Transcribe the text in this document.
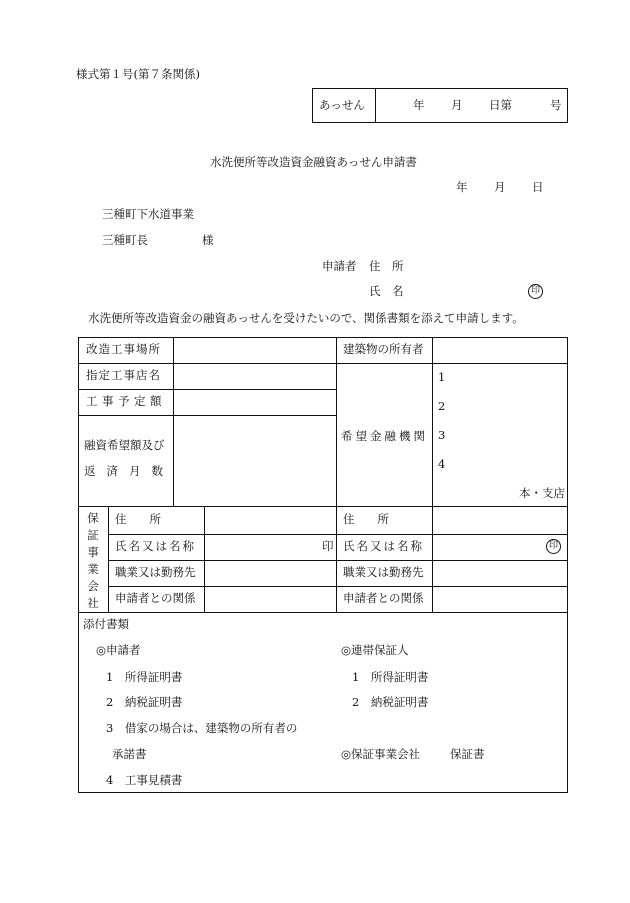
様式第１号(第７条関係)
あっせん	年 月 日第	号
水洗便所等改造資金融資あっせん申請書
年 月 日
三種町下水道事業
三種町長	様
申請者 住　所
氏　名	印
水洗便所等改造資金の融資あっせんを受けたいので、関係書類を添えて申請します。
改造工事場所	建築物の所有者
指定工事店名
工事予定額
融資希望額及び
返済月数
希望金融機関
1
2
3
4
本・支店
保証事業会社
住　　所	住　　所
氏名又は名称	印 氏名又は名称	印
職業又は勤務先	職業又は勤務先
申請者との関係	申請者との関係
添付書類
◎申請者
1　所得証明書
2　納税証明書
3　借家の場合は、建築物の所有者の
承諾書
4　工事見積書
◎連帯保証人
1　所得証明書
2　納税証明書
◎保証事業会社	保証書
